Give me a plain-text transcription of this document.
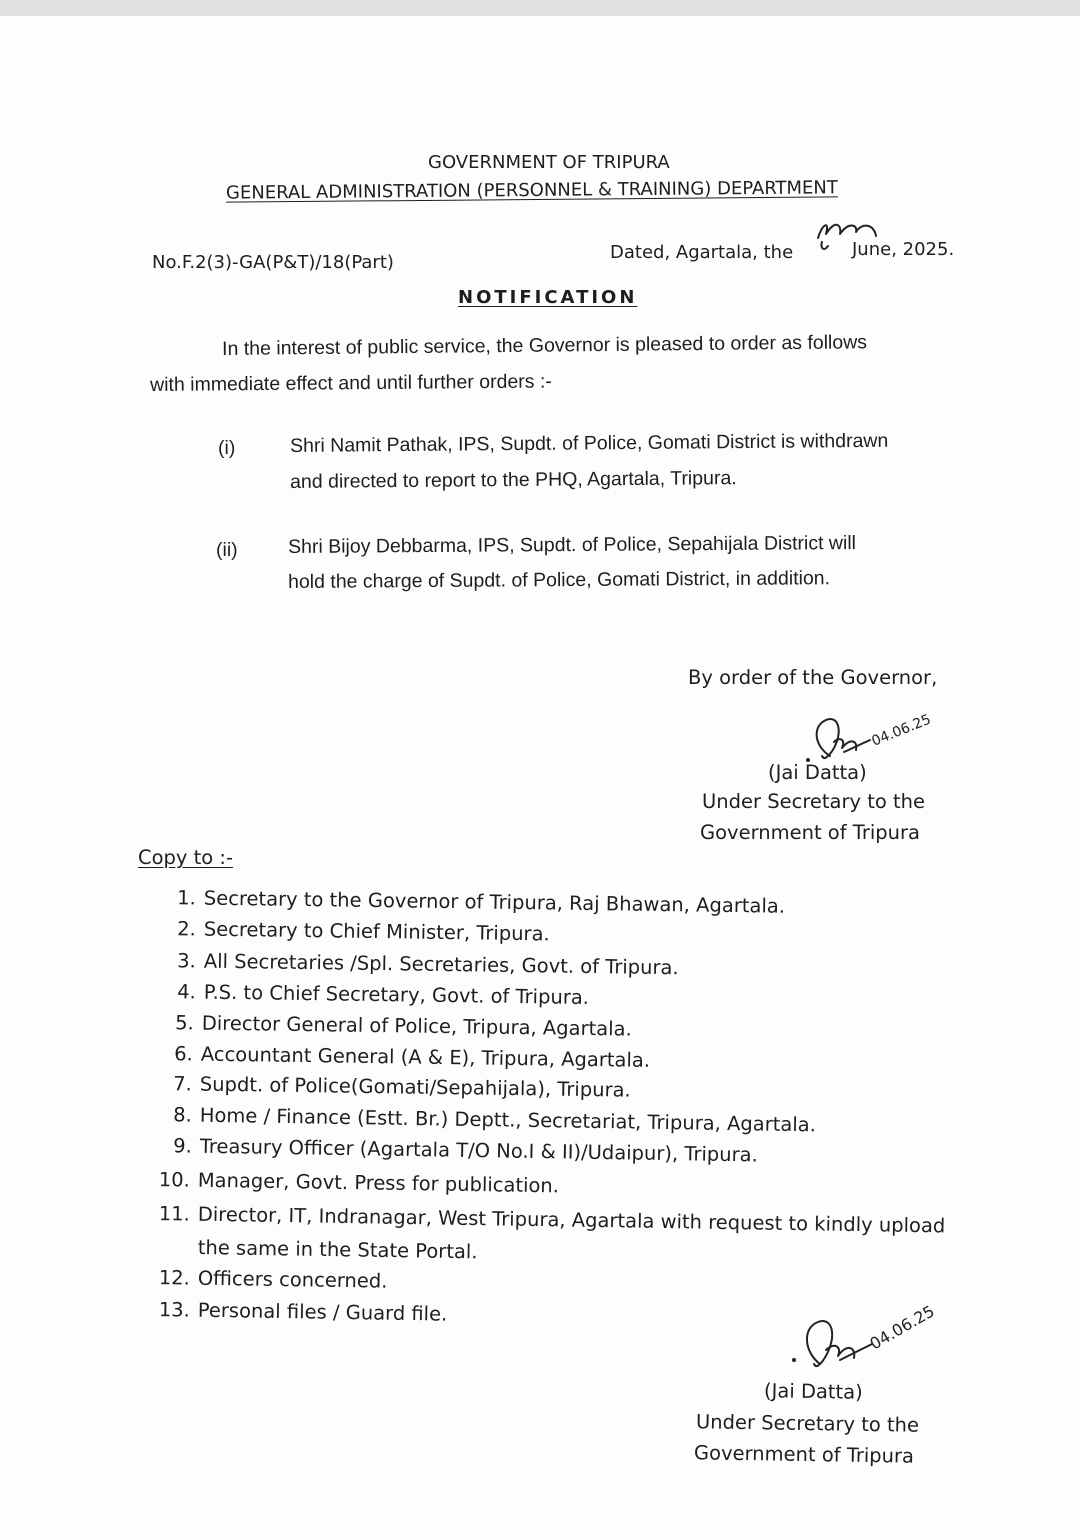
GOVERNMENT OF TRIPURA
GENERAL ADMINISTRATION (PERSONNEL & TRAINING) DEPARTMENT
No.F.2(3)-GA(P&T)/18(Part)	Dated, Agartala, the	June, 2025.
NOTIFICATION
In the interest of public service, the Governor is pleased to order as follows
with immediate effect and until further orders :-
(i)	Shri Namit Pathak, IPS, Supdt. of Police, Gomati District is withdrawn
and directed to report to the PHQ, Agartala, Tripura.
(ii)	Shri Bijoy Debbarma, IPS, Supdt. of Police, Sepahijala District will
hold the charge of Supdt. of Police, Gomati District, in addition.
By order of the Governor,
04.06.25
(Jai Datta)
Under Secretary to the
Government of Tripura
Copy to :-
1. Secretary to the Governor of Tripura, Raj Bhawan, Agartala.
2. Secretary to Chief Minister, Tripura.
3. All Secretaries /Spl. Secretaries, Govt. of Tripura.
4. P.S. to Chief Secretary, Govt. of Tripura.
5. Director General of Police, Tripura, Agartala.
6. Accountant General (A & E), Tripura, Agartala.
7. Supdt. of Police(Gomati/Sepahijala), Tripura.
8. Home / Finance (Estt. Br.) Deptt., Secretariat, Tripura, Agartala.
9. Treasury Officer (Agartala T/O No.I & II)/Udaipur), Tripura.
10. Manager, Govt. Press for publication.
11. Director, IT, Indranagar, West Tripura, Agartala with request to kindly upload
the same in the State Portal.
12. Officers concerned.
13. Personal files / Guard file.	04.06.25
(Jai Datta)
Under Secretary to the
Government of Tripura
